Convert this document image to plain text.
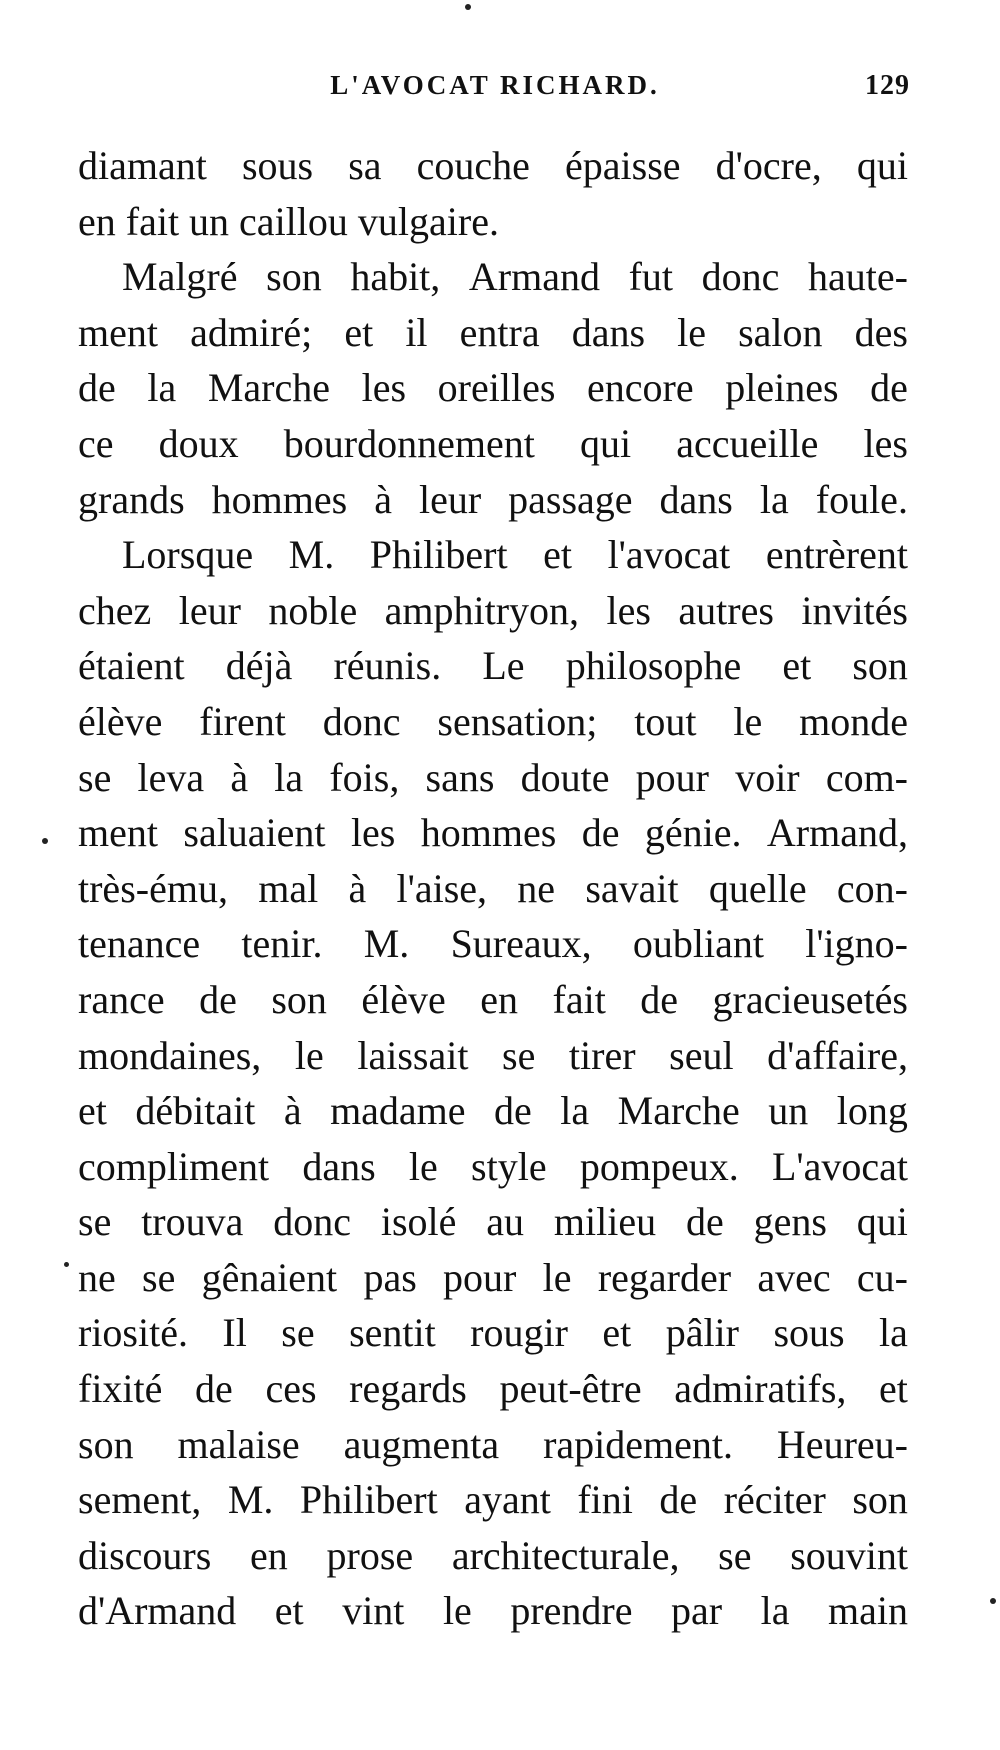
L'AVOCAT RICHARD.	129
diamant sous sa couche épaisse d'ocre, qui
en fait un caillou vulgaire.
Malgré son habit, Armand fut donc haute-
ment admiré; et il entra dans le salon des
de la Marche les oreilles encore pleines de
ce doux bourdonnement qui accueille les
grands hommes à leur passage dans la foule.
Lorsque M. Philibert et l'avocat entrèrent
chez leur noble amphitryon, les autres invités
étaient déjà réunis. Le philosophe et son
élève firent donc sensation; tout le monde
se leva à la fois, sans doute pour voir com-
ment saluaient les hommes de génie. Armand,
très-ému, mal à l'aise, ne savait quelle con-
tenance tenir. M. Sureaux, oubliant l'igno-
rance de son élève en fait de gracieusetés
mondaines, le laissait se tirer seul d'affaire,
et débitait à madame de la Marche un long
compliment dans le style pompeux. L'avocat
se trouva donc isolé au milieu de gens qui
ne se gênaient pas pour le regarder avec cu-
riosité. Il se sentit rougir et pâlir sous la
fixité de ces regards peut-être admiratifs, et
son malaise augmenta rapidement. Heureu-
sement, M. Philibert ayant fini de réciter son
discours en prose architecturale, se souvint
d'Armand et vint le prendre par la main
